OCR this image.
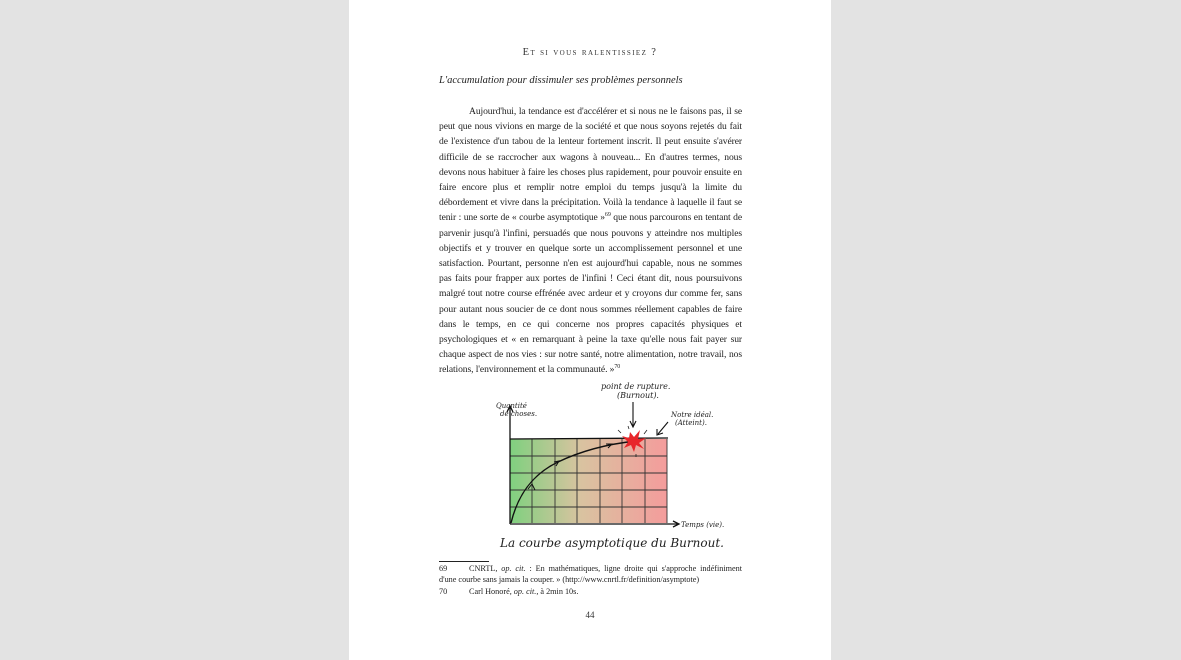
Et si vous ralentissiez ?
L'accumulation pour dissimuler ses problèmes personnels

Aujourd'hui, la tendance est d'accélérer et si nous ne le faisons pas, il se peut que nous vivions en marge de la société et que nous soyons rejetés du fait de l'existence d'un tabou de la lenteur fortement inscrit. Il peut ensuite s'avérer difficile de se raccrocher aux wagons à nouveau... En d'autres termes, nous devons nous habituer à faire les choses plus rapidement, pour pouvoir ensuite en faire encore plus et remplir notre emploi du temps jusqu'à la limite du débordement et vivre dans la précipitation. Voilà la tendance à laquelle il faut se tenir : une sorte de « courbe asymptotique »$^{69}$ que nous parcourons en tentant de parvenir jusqu'à l'infini, persuadés que nous pouvons y atteindre nos multiples objectifs et y trouver en quelque sorte un accomplissement personnel et une satisfaction. Pourtant, personne n'en est aujourd'hui capable, nous ne sommes pas faits pour frapper aux portes de l'infini ! Ceci étant dit, nous poursuivons malgré tout notre course effrénée avec ardeur et y croyons dur comme fer, sans pour autant nous soucier de ce dont nous sommes réellement capables de faire dans le temps, en ce qui concerne nos propres capacités physiques et psychologiques et « en remarquant à peine la taxe qu'elle nous fait payer sur chaque aspect de nos vies : sur notre santé, notre alimentation, notre travail, nos relations, l'environnement et la communauté. »$^{70}$

Quantité
de choses.
point de rupture.
(Burnout).
Notre idéal.
(Atteint).
Temps (vie).
La courbe asymptotique du Burnout.
69	CNRTL, op. cit. : En mathématiques, ligne droite qui s'approche indéfiniment d'une courbe sans jamais la couper. » (http://www.cnrtl.fr/definition/asymptote)
70	Carl Honoré, op. cit., à 2min 10s.
44
